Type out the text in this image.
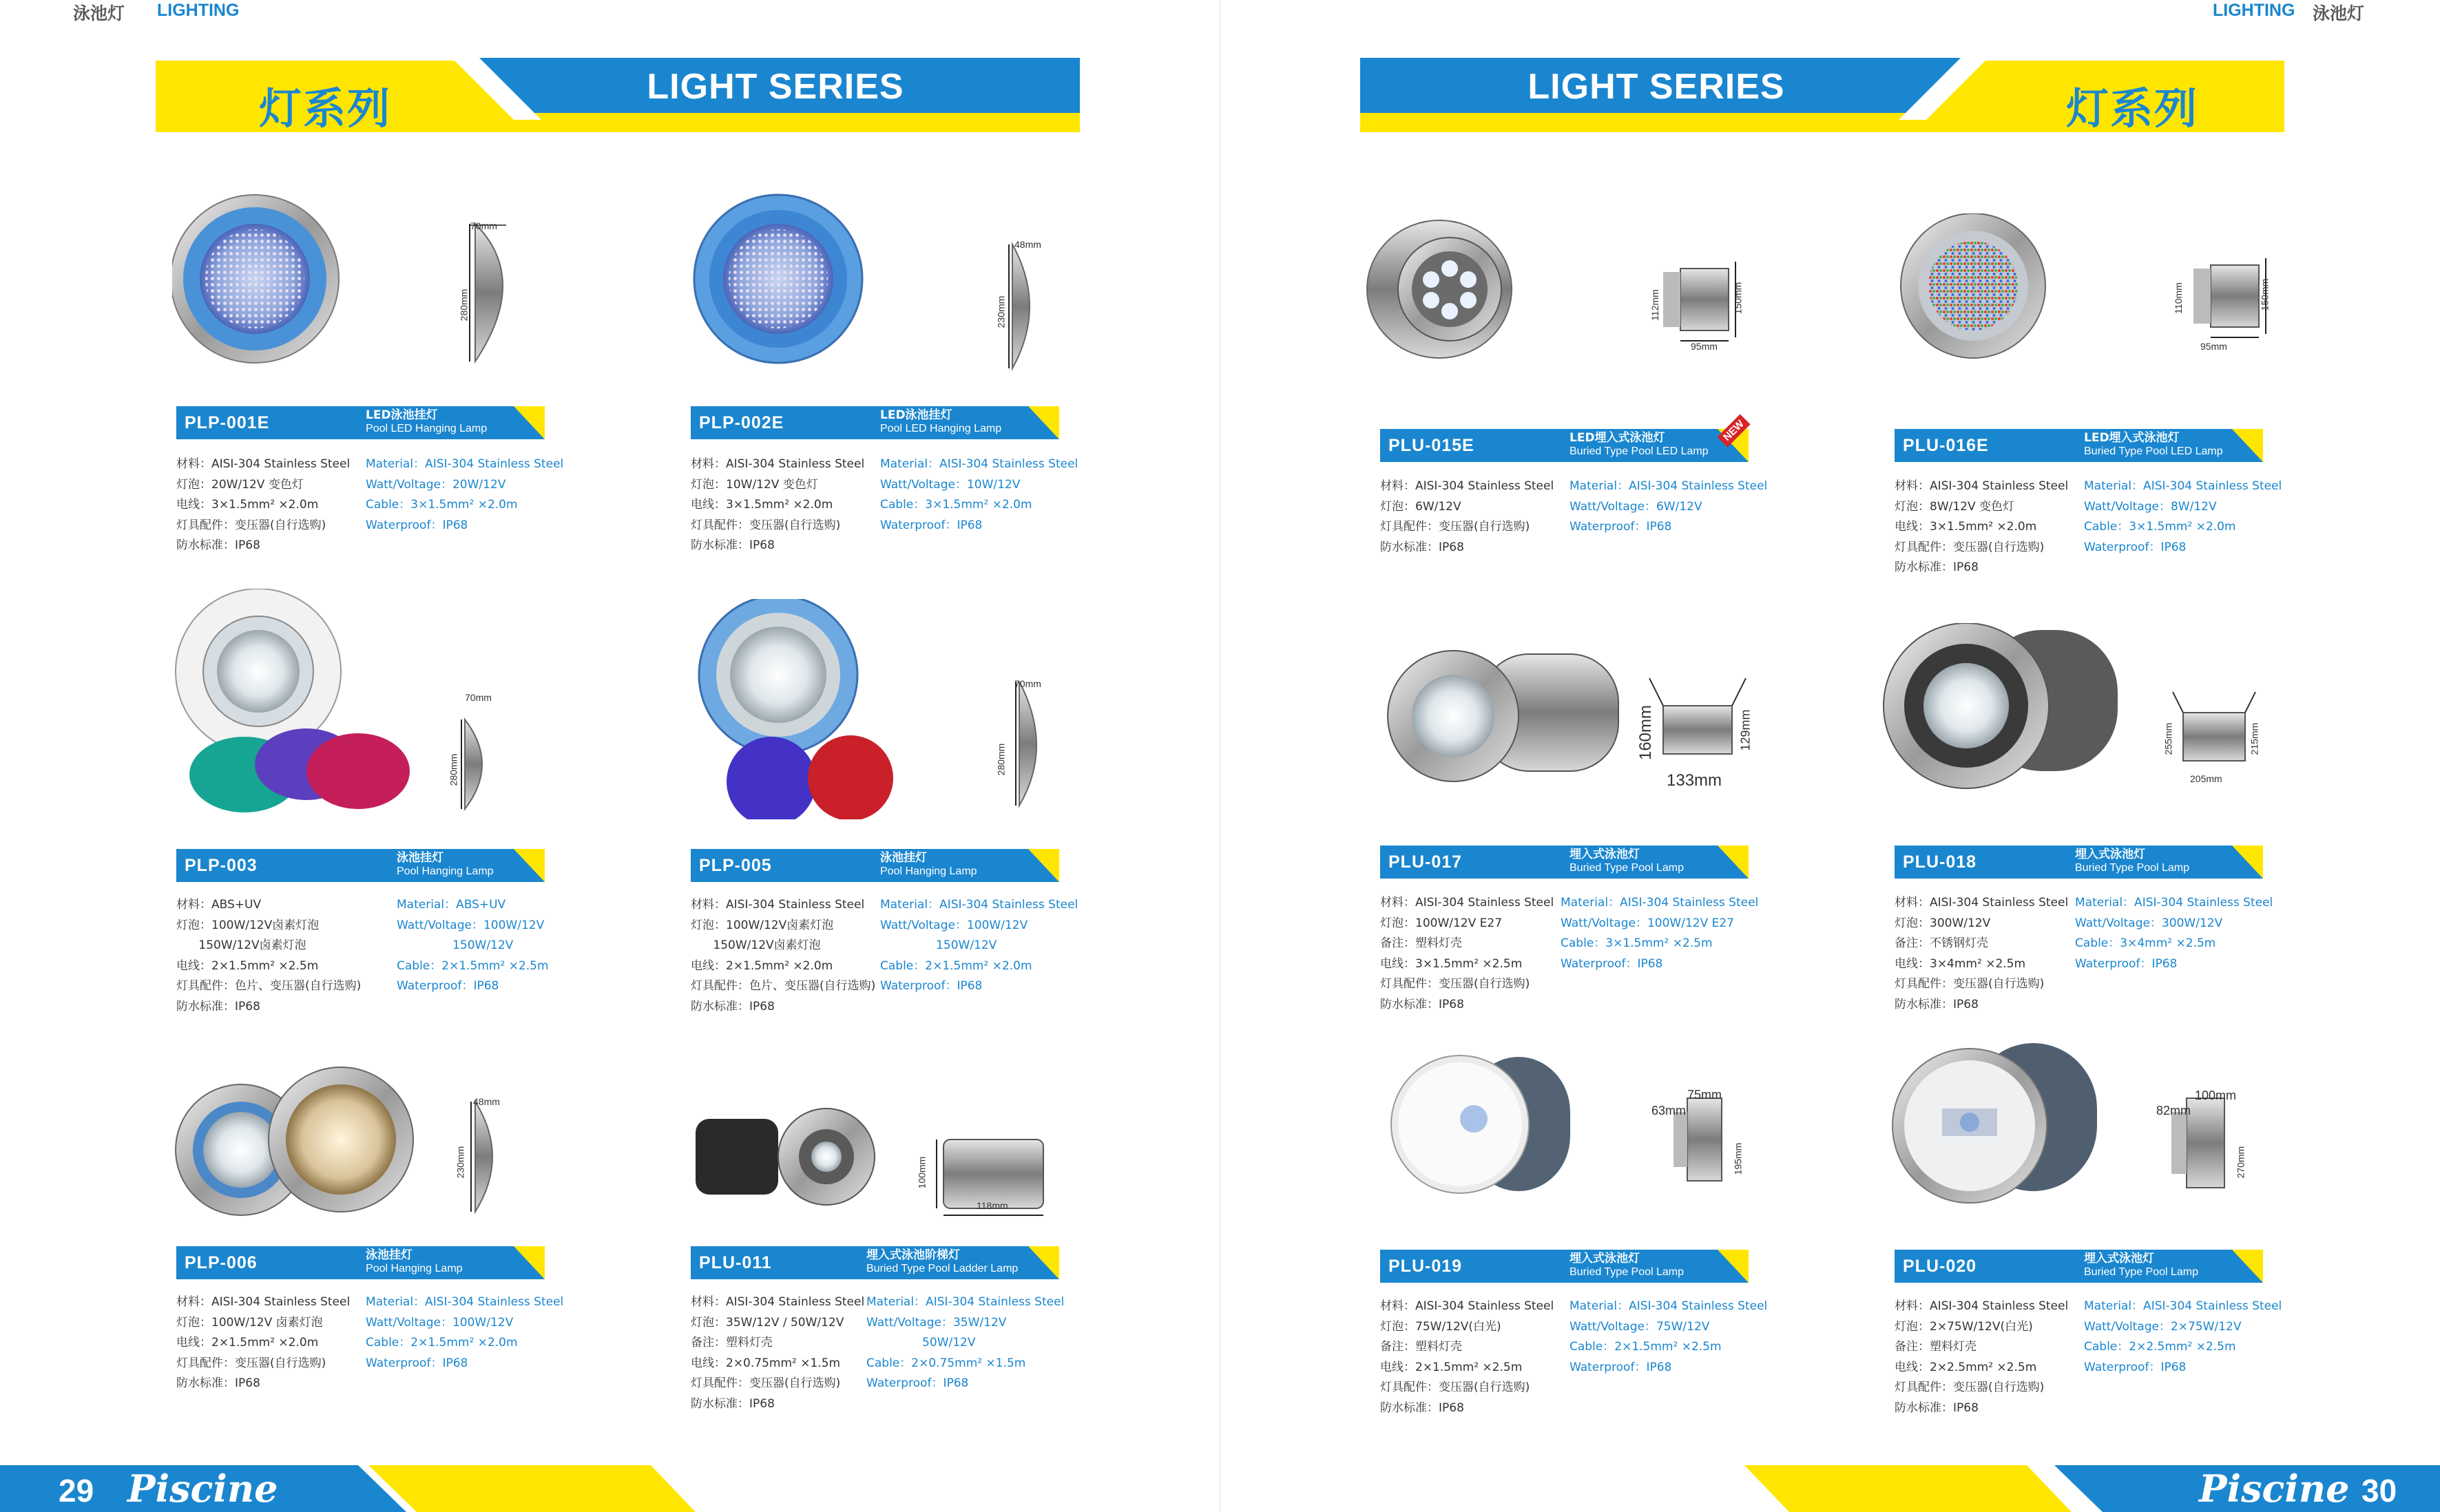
泳池灯 LIGHTING	LIGHTING 泳池灯
灯系列	LIGHT SERIES	LIGHT SERIES	灯系列
70mm
280mm
48mm
230mm
70mm
280mm
70mm
280mm
48mm
230mm	100mm
118mm
112mm	150mm
95mm
110mm	150mm
95mm
160mm	129mm
133mm
255mm	215mm
205mm
75mm
63mm
195mm
100mm
82mm
270mm
PLP-001E	LED泳池挂灯
Pool LED Hanging Lamp
材料：AISI-304 Stainless Steel
灯泡：20W/12V 变色灯
电线：3×1.5mm² ×2.0m
灯具配件：变压器(自行选购)
防水标准：IP68
Material：AISI-304 Stainless Steel
Watt/Voltage：20W/12V
Cable：3×1.5mm² ×2.0m
Waterproof：IP68
PLP-002E	LED泳池挂灯
Pool LED Hanging Lamp
材料：AISI-304 Stainless Steel
灯泡：10W/12V 变色灯
电线：3×1.5mm² ×2.0m
灯具配件：变压器(自行选购)
防水标准：IP68
Material：AISI-304 Stainless Steel
Watt/Voltage：10W/12V
Cable：3×1.5mm² ×2.0m
Waterproof：IP68
PLP-003	泳池挂灯
Pool Hanging Lamp
材料：ABS+UV
灯泡：100W/12V卤素灯泡
150W/12V卤素灯泡
电线：2×1.5mm² ×2.5m
灯具配件：色片、变压器(自行选购)
防水标准：IP68
Material：ABS+UV
Watt/Voltage：100W/12V
150W/12V
Cable：2×1.5mm² ×2.5m
Waterproof：IP68
PLP-005	泳池挂灯
Pool Hanging Lamp
材料：AISI-304 Stainless Steel
灯泡：100W/12V卤素灯泡
150W/12V卤素灯泡
电线：2×1.5mm² ×2.0m
灯具配件：色片、变压器(自行选购)
防水标准：IP68
Material：AISI-304 Stainless Steel
Watt/Voltage：100W/12V
150W/12V
Cable：2×1.5mm² ×2.0m
Waterproof：IP68
PLP-006	泳池挂灯
Pool Hanging Lamp
材料：AISI-304 Stainless Steel
灯泡：100W/12V 卤素灯泡
电线：2×1.5mm² ×2.0m
灯具配件：变压器(自行选购)
防水标准：IP68
Material：AISI-304 Stainless Steel
Watt/Voltage：100W/12V
Cable：2×1.5mm² ×2.0m
Waterproof：IP68
PLU-011	埋入式泳池阶梯灯
Buried Type Pool Ladder Lamp
材料：AISI-304 Stainless Steel
灯泡：35W/12V / 50W/12V
备注：塑料灯壳
电线：2×0.75mm² ×1.5m
灯具配件：变压器(自行选购)
防水标准：IP68
Material：AISI-304 Stainless Steel
Watt/Voltage：35W/12V
50W/12V
Cable：2×0.75mm² ×1.5m
Waterproof：IP68
PLU-015E	LED埋入式泳池灯
Buried Type Pool LED Lamp
NEW
材料：AISI-304 Stainless Steel
灯泡：6W/12V
灯具配件：变压器(自行选购)
防水标准：IP68
Material：AISI-304 Stainless Steel
Watt/Voltage：6W/12V
Waterproof：IP68
PLU-016E	LED埋入式泳池灯
Buried Type Pool LED Lamp
材料：AISI-304 Stainless Steel
灯泡：8W/12V 变色灯
电线：3×1.5mm² ×2.0m
灯具配件：变压器(自行选购)
防水标准：IP68
Material：AISI-304 Stainless Steel
Watt/Voltage：8W/12V
Cable：3×1.5mm² ×2.0m
Waterproof：IP68
PLU-017	埋入式泳池灯
Buried Type Pool Lamp
材料：AISI-304 Stainless Steel
灯泡：100W/12V E27
备注：塑料灯壳
电线：3×1.5mm² ×2.5m
灯具配件：变压器(自行选购)
防水标准：IP68
Material：AISI-304 Stainless Steel
Watt/Voltage：100W/12V E27
Cable：3×1.5mm² ×2.5m
Waterproof：IP68
PLU-018	埋入式泳池灯
Buried Type Pool Lamp
材料：AISI-304 Stainless Steel
灯泡：300W/12V
备注：不锈钢灯壳
电线：3×4mm² ×2.5m
灯具配件：变压器(自行选购)
防水标准：IP68
Material：AISI-304 Stainless Steel
Watt/Voltage：300W/12V
Cable：3×4mm² ×2.5m
Waterproof：IP68
PLU-019	埋入式泳池灯
Buried Type Pool Lamp
材料：AISI-304 Stainless Steel
灯泡：75W/12V(白光)
备注：塑料灯壳
电线：2×1.5mm² ×2.5m
灯具配件：变压器(自行选购)
防水标准：IP68
Material：AISI-304 Stainless Steel
Watt/Voltage：75W/12V
Cable：2×1.5mm² ×2.5m
Waterproof：IP68
PLU-020	埋入式泳池灯
Buried Type Pool Lamp
材料：AISI-304 Stainless Steel
灯泡：2×75W/12V(白光)
备注：塑料灯壳
电线：2×2.5mm² ×2.5m
灯具配件：变压器(自行选购)
防水标准：IP68
Material：AISI-304 Stainless Steel
Watt/Voltage：2×75W/12V
Cable：2×2.5mm² ×2.5m
Waterproof：IP68
29 Piscine	Piscine 30
